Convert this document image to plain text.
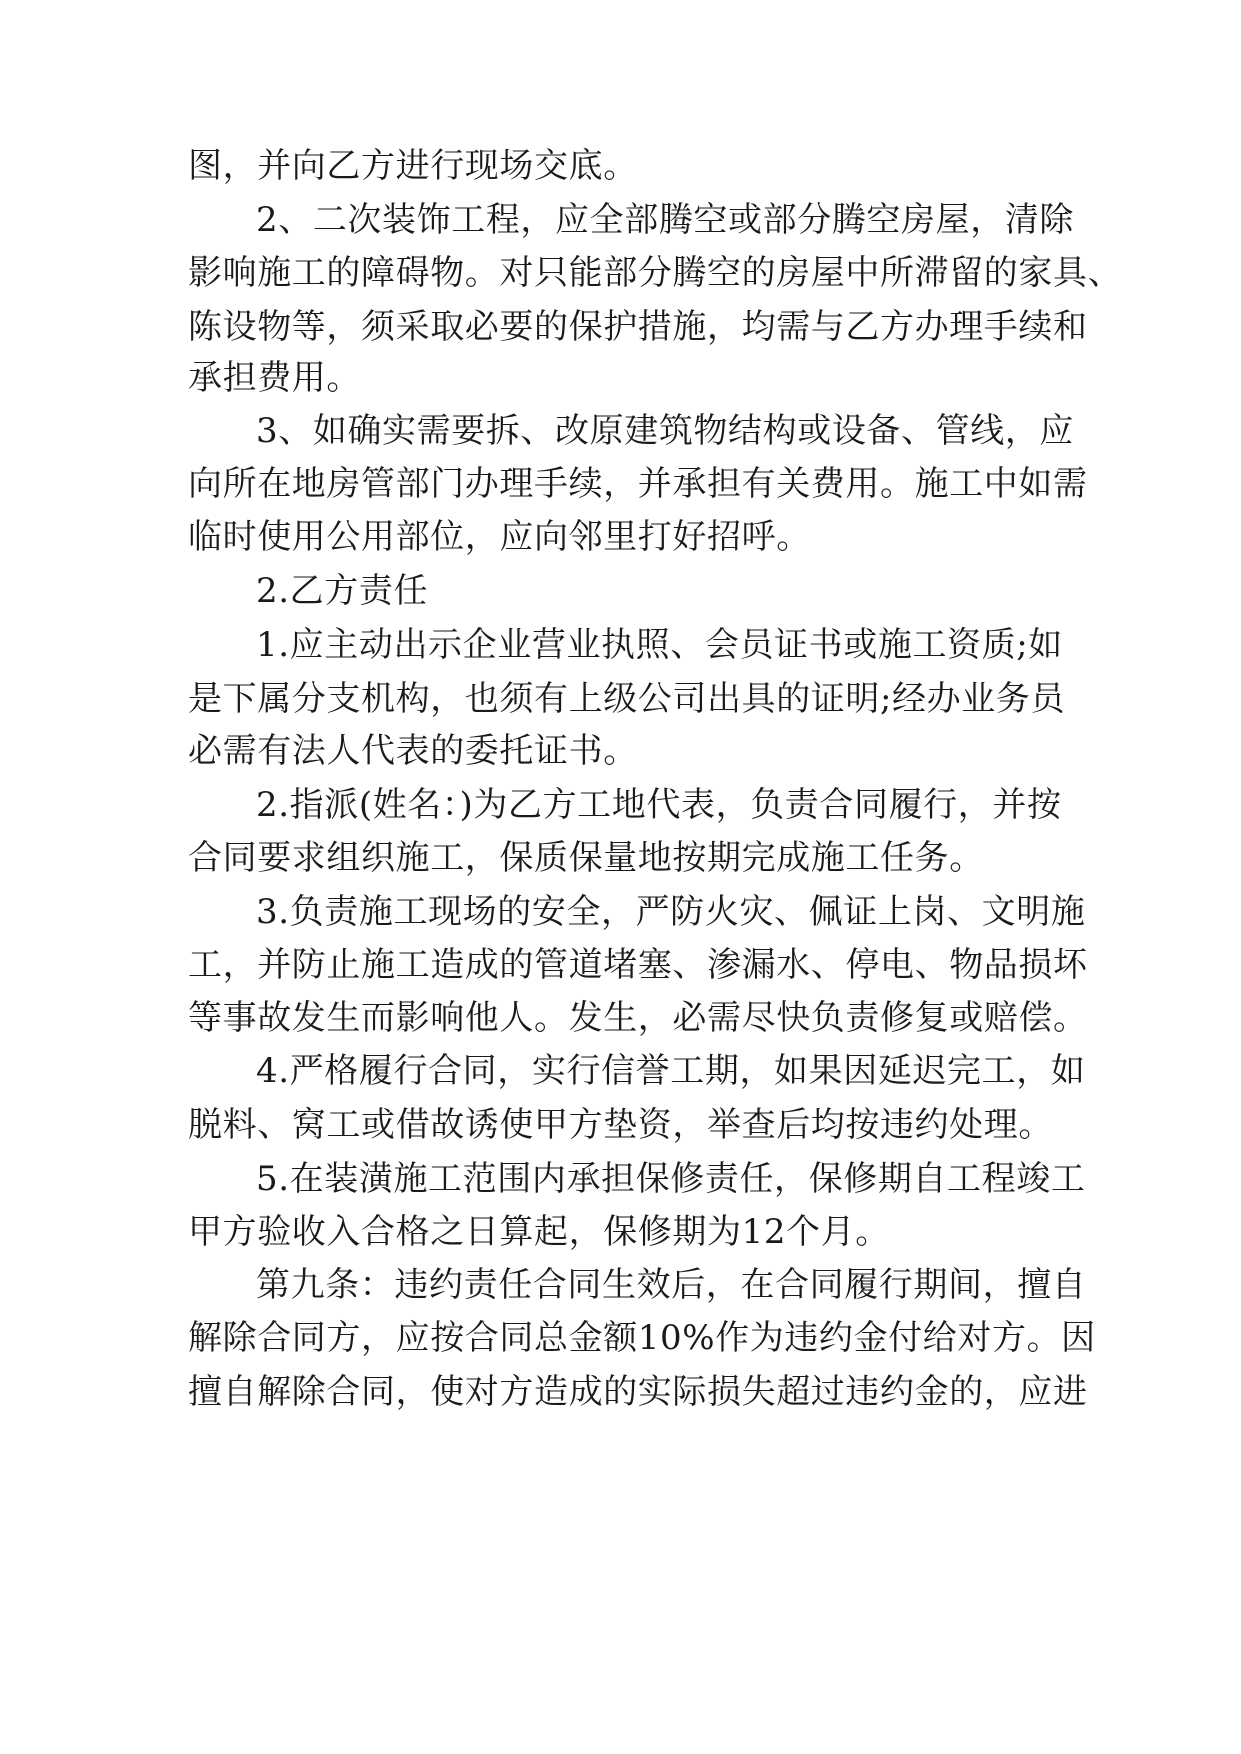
图，并向乙方进行现场交底。
2、二次装饰工程，应全部腾空或部分腾空房屋，清除
影响施工的障碍物。对只能部分腾空的房屋中所滞留的家具、
陈设物等，须采取必要的保护措施，均需与乙方办理手续和
承担费用。
3、如确实需要拆、改原建筑物结构或设备、管线，应
向所在地房管部门办理手续，并承担有关费用。施工中如需
临时使用公用部位，应向邻里打好招呼。
2.乙方责任
1.应主动出示企业营业执照、会员证书或施工资质;如
是下属分支机构，也须有上级公司出具的证明;经办业务员
必需有法人代表的委托证书。
2.指派(姓名：)为乙方工地代表，负责合同履行，并按
合同要求组织施工，保质保量地按期完成施工任务。
3.负责施工现场的安全，严防火灾、佩证上岗、文明施
工，并防止施工造成的管道堵塞、渗漏水、停电、物品损坏
等事故发生而影响他人。发生，必需尽快负责修复或赔偿。
4.严格履行合同，实行信誉工期，如果因延迟完工，如
脱料、窝工或借故诱使甲方垫资，举查后均按违约处理。
5.在装潢施工范围内承担保修责任，保修期自工程竣工
甲方验收入合格之日算起，保修期为12个月。
第九条：违约责任合同生效后，在合同履行期间，擅自
解除合同方，应按合同总金额10%作为违约金付给对方。因
擅自解除合同，使对方造成的实际损失超过违约金的，应进
